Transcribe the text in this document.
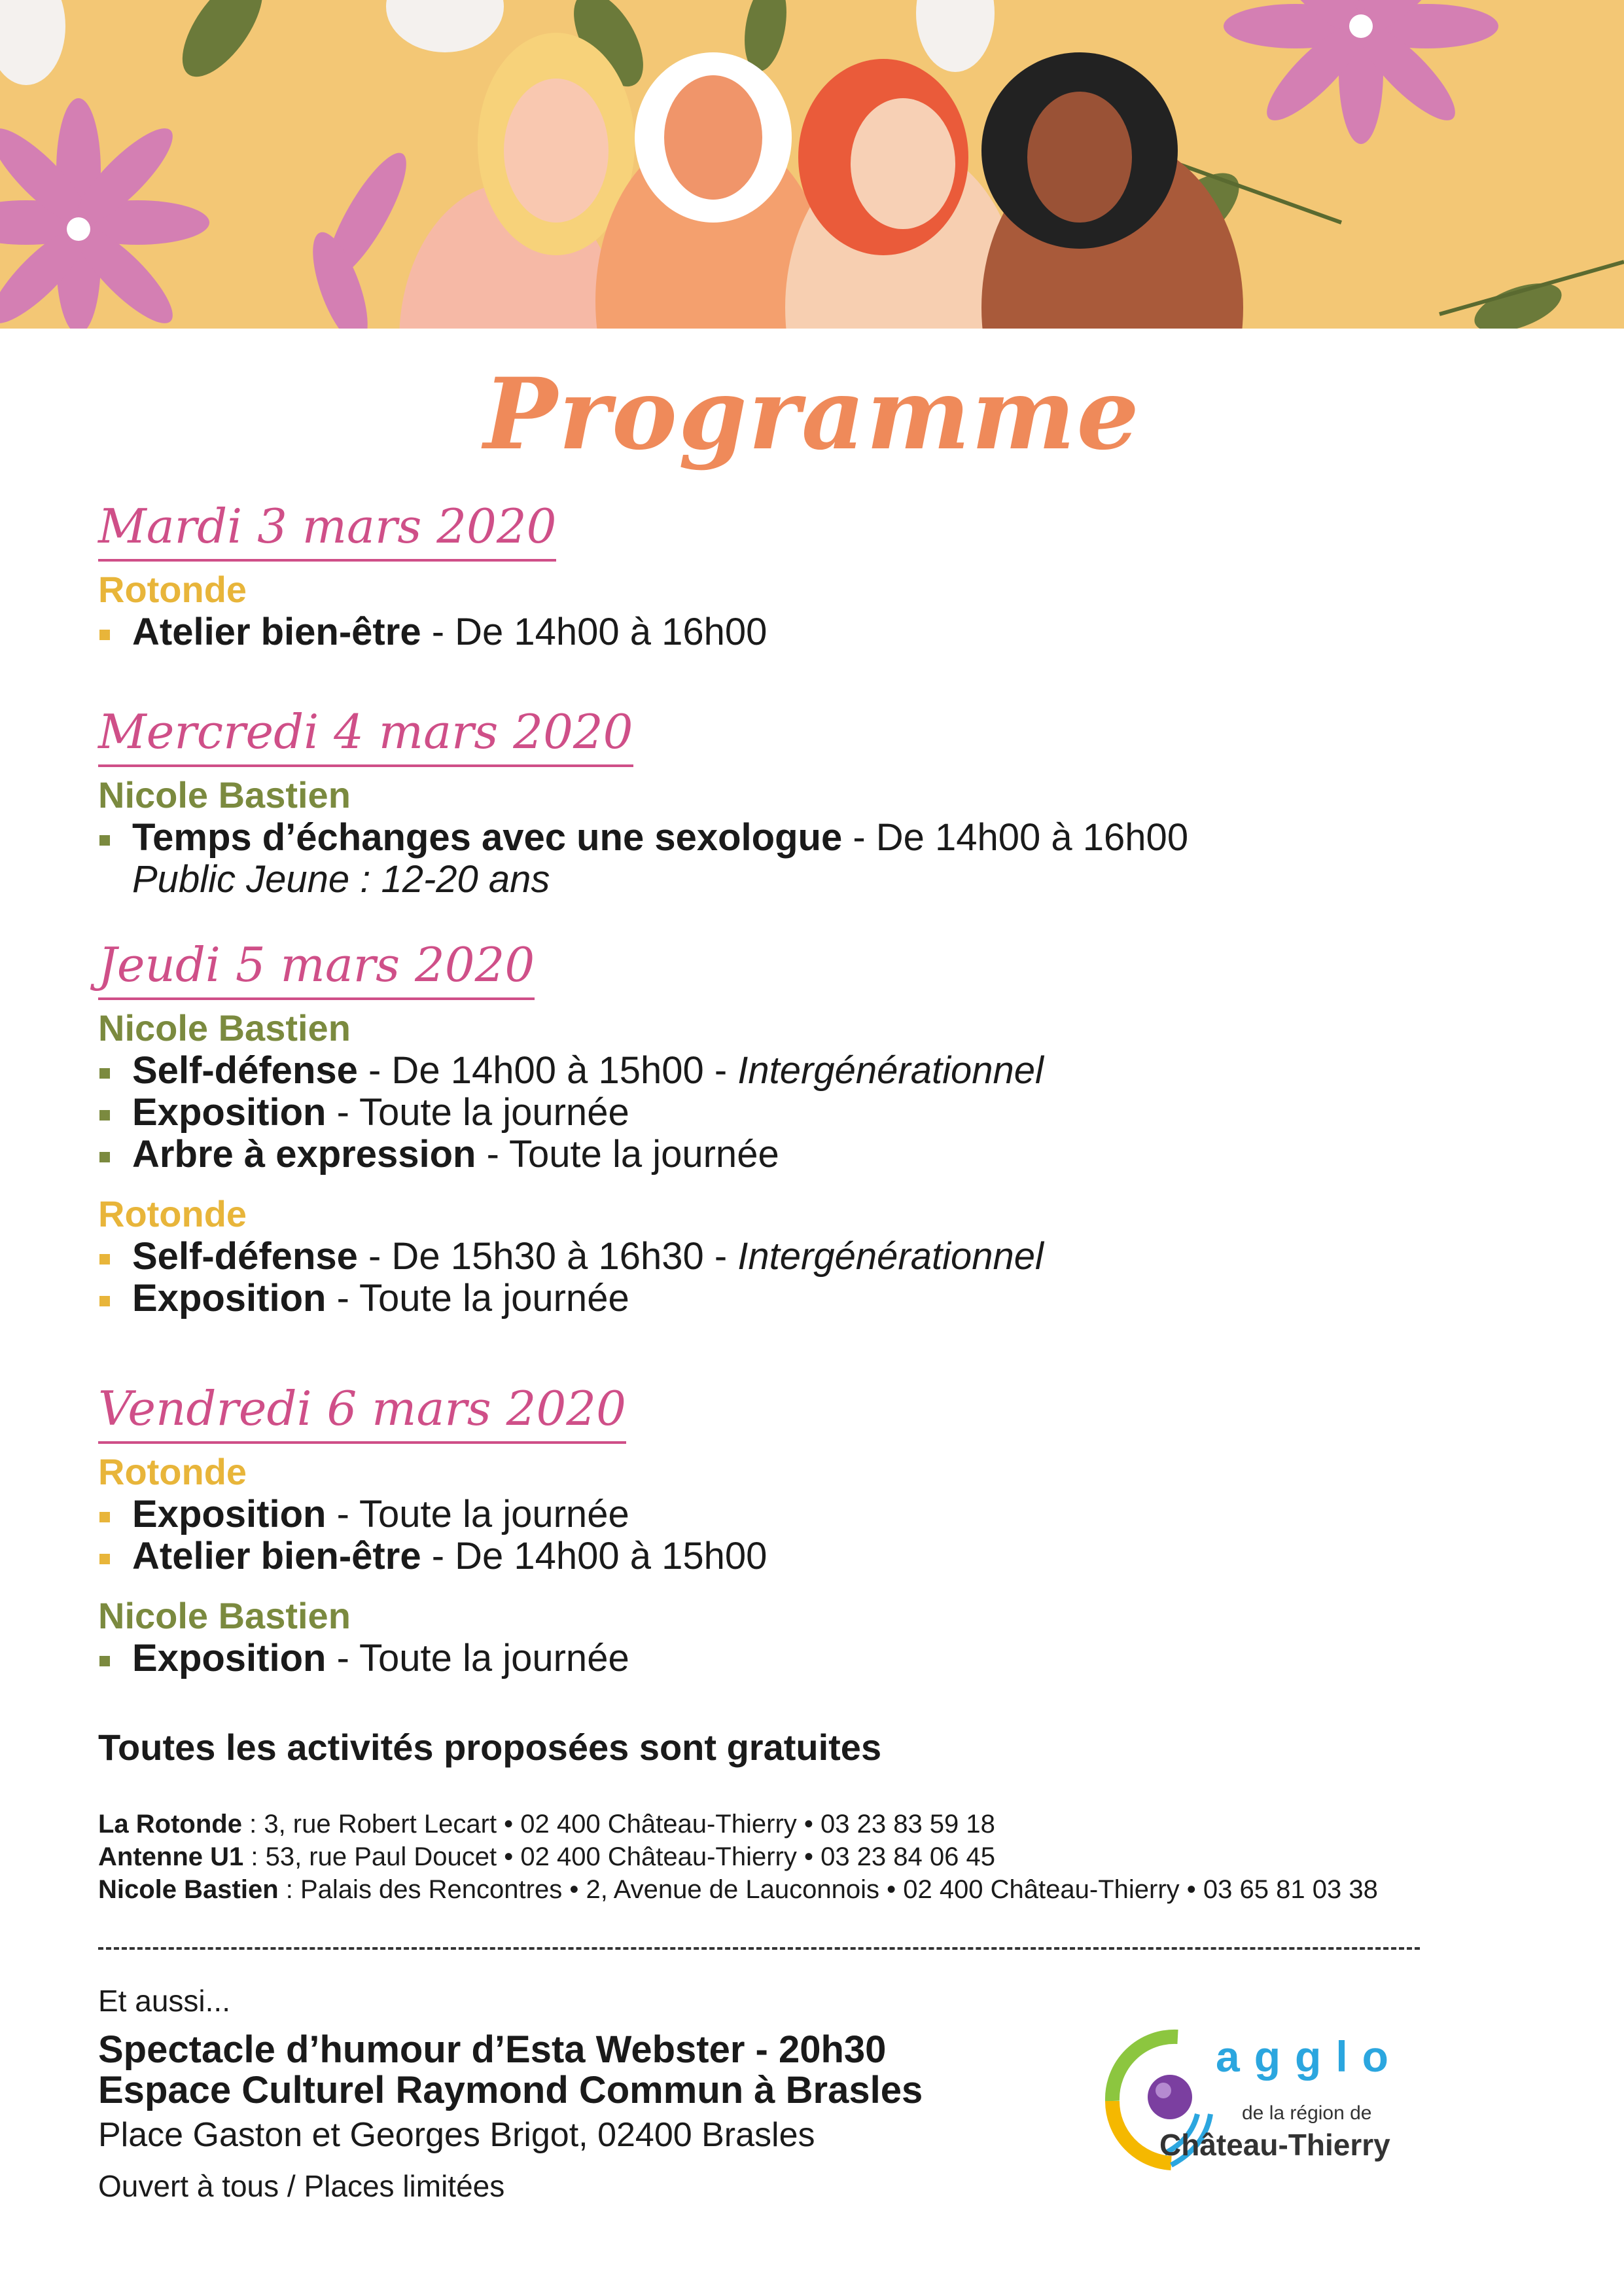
Programme
Mardi 3 mars 2020
Rotonde
Atelier bien-être - De 14h00 à 16h00
Mercredi 4 mars 2020
Nicole Bastien
Temps d’échanges avec une sexologue - De 14h00 à 16h00
Public Jeune : 12-20 ans
Jeudi 5 mars 2020
Nicole Bastien
Self-défense - De 14h00 à 15h00 - Intergénérationnel
Exposition - Toute la journée
Arbre à expression - Toute la journée
Rotonde
Self-défense - De 15h30 à 16h30 - Intergénérationnel
Exposition - Toute la journée
Vendredi 6 mars 2020
Rotonde
Exposition - Toute la journée
Atelier bien-être - De 14h00 à 15h00
Nicole Bastien
Exposition - Toute la journée
Toutes les activités proposées sont gratuites
La Rotonde : 3, rue Robert Lecart • 02 400 Château-Thierry • 03 23 83 59 18
Antenne U1 : 53, rue Paul Doucet • 02 400 Château-Thierry • 03 23 84 06 45
Nicole Bastien : Palais des Rencontres • 2, Avenue de Lauconnois • 02 400 Château-Thierry • 03 65 81 03 38
Et aussi...
Spectacle d’humour d’Esta Webster - 20h30
Espace Culturel Raymond Commun à Brasles
Place Gaston et Georges Brigot, 02400 Brasles
Ouvert à tous / Places limitées
agglo
de la région de
Château-Thierry
